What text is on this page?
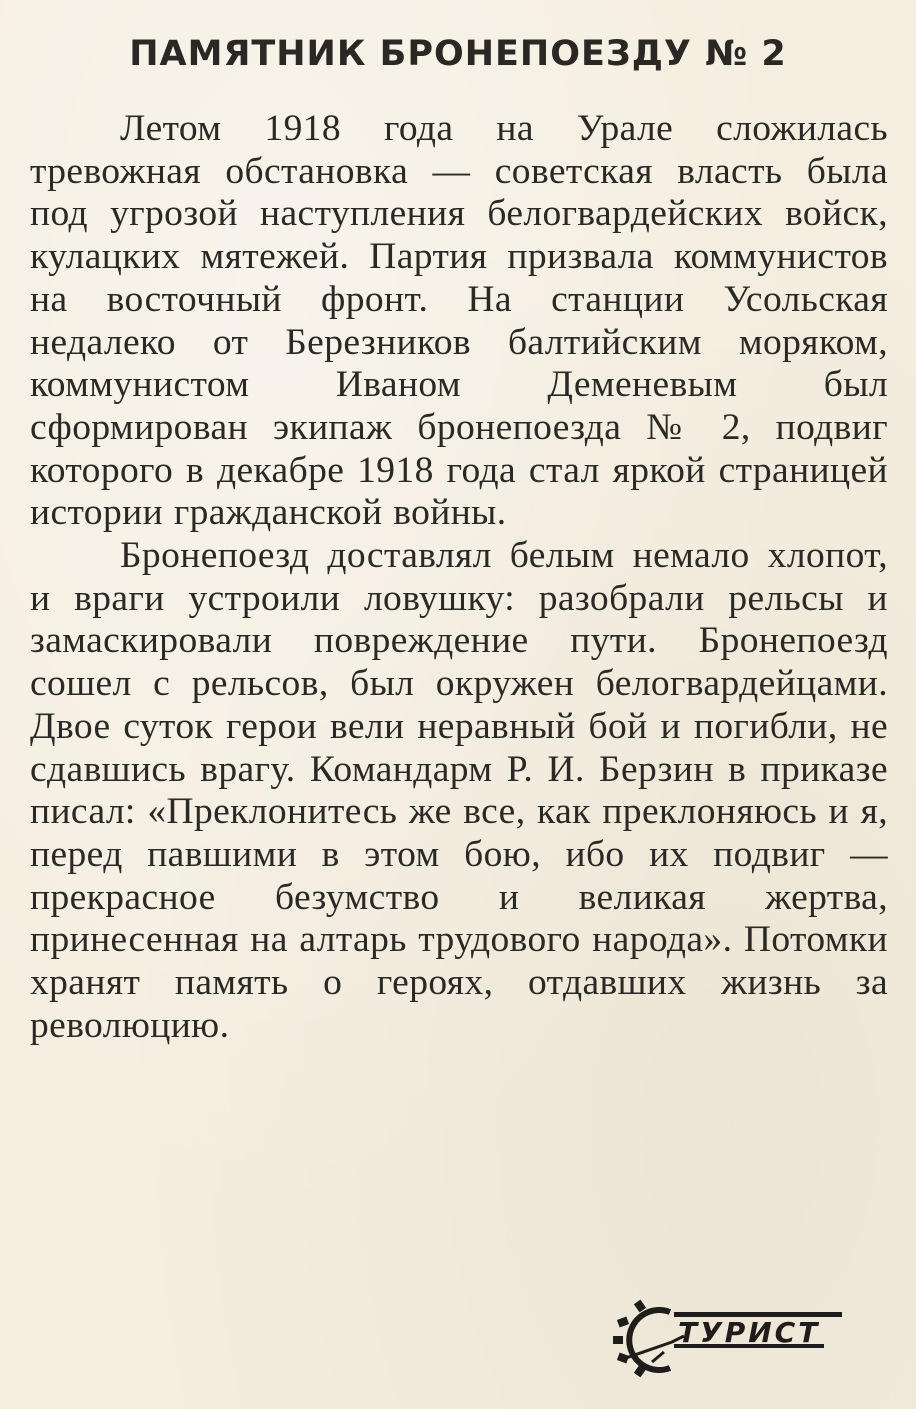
ПАМЯТНИК БРОНЕПОЕЗДУ № 2

Летом 1918 года на Урале сложилась тревожная обстановка — советская власть была под угрозой наступления белогвардейских войск, кулацких мятежей. Партия призвала коммунистов на восточный фронт. На станции Усольская недалеко от Березников балтийским моряком, коммунистом Иваном Деменевым был сформирован экипаж бронепоезда № 2, подвиг которого в декабре 1918 года стал яркой страницей истории гражданской войны.

Бронепоезд доставлял белым немало хлопот, и враги устроили ловушку: разобрали рельсы и замаскировали повреждение пути. Бронепоезд сошел с рельсов, был окружен белогвардейцами. Двое суток герои вели неравный бой и погибли, не сдавшись врагу. Командарм Р. И. Берзин в приказе писал: «Преклонитесь же все, как преклоняюсь и я, перед павшими в этом бою, ибо их подвиг — прекрасное безумство и великая жертва, принесенная на алтарь трудового народа». Потомки хранят память о героях, отдавших жизнь за революцию.

ТУРИСТ
